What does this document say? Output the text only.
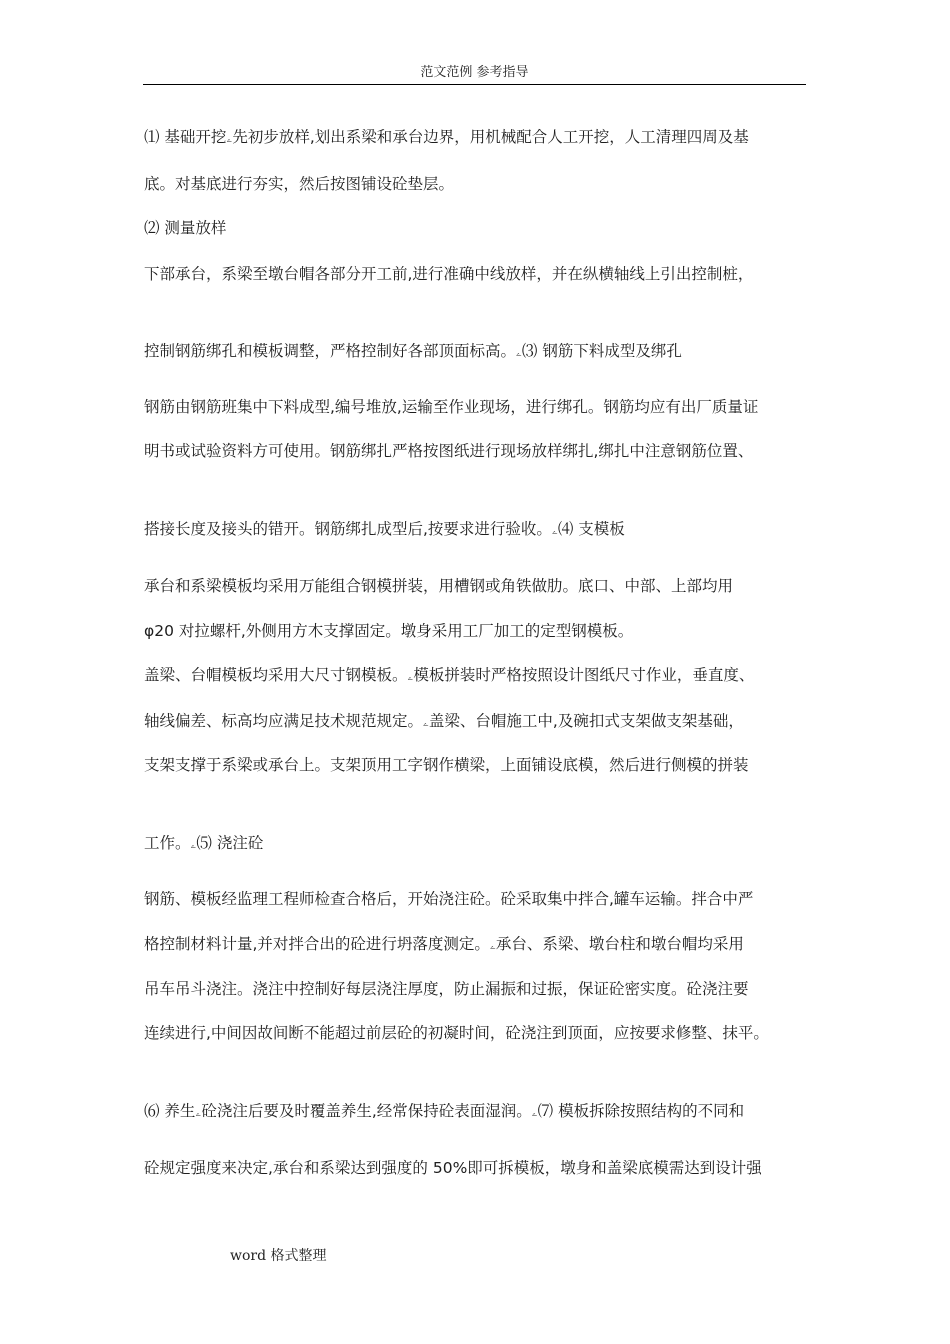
范文范例 参考指导
⑴ 基础开挖ۦ先初步放样,划出系梁和承台边界，用机械配合人工开挖，人工清理四周及基
底。对基底进行夯实，然后按图铺设砼垫层。
⑵ 测量放样
下部承台，系梁至墩台帽各部分开工前,进行准确中线放样，并在纵横轴线上引出控制桩，
控制钢筋绑孔和模板调整，严格控制好各部顶面标高。ۦ⑶ 钢筋下料成型及绑孔
钢筋由钢筋班集中下料成型,编号堆放,运输至作业现场，进行绑孔。钢筋均应有出厂质量证
明书或试验资料方可使用。钢筋绑扎严格按图纸进行现场放样绑扎,绑扎中注意钢筋位置、
搭接长度及接头的错开。钢筋绑扎成型后,按要求进行验收。ۦ⑷ 支模板
承台和系梁模板均采用万能组合钢模拼装，用槽钢或角铁做肋。底口、中部、上部均用
φ20 对拉螺杆,外侧用方木支撑固定。墩身采用工厂加工的定型钢模板。
盖梁、台帽模板均采用大尺寸钢模板。ۦ模板拼装时严格按照设计图纸尺寸作业，垂直度、
轴线偏差、标高均应满足技术规范规定。ۦ盖梁、台帽施工中,及碗扣式支架做支架基础，
支架支撑于系梁或承台上。支架顶用工字钢作横梁，上面铺设底模，然后进行侧模的拼装
工作。ۦ⑸ 浇注砼
钢筋、模板经监理工程师检查合格后，开始浇注砼。砼采取集中拌合,罐车运输。拌合中严
格控制材料计量,并对拌合出的砼进行坍落度测定。ۦ承台、系梁、墩台柱和墩台帽均采用
吊车吊斗浇注。浇注中控制好每层浇注厚度，防止漏振和过振，保证砼密实度。砼浇注要
连续进行,中间因故间断不能超过前层砼的初凝时间，砼浇注到顶面，应按要求修整、抹平。
⑹ 养生ۦ砼浇注后要及时覆盖养生,经常保持砼表面湿润。ۦ⑺ 模板拆除按照结构的不同和
砼规定强度来决定,承台和系梁达到强度的 50%即可拆模板，墩身和盖梁底模需达到设计强
word 格式整理
